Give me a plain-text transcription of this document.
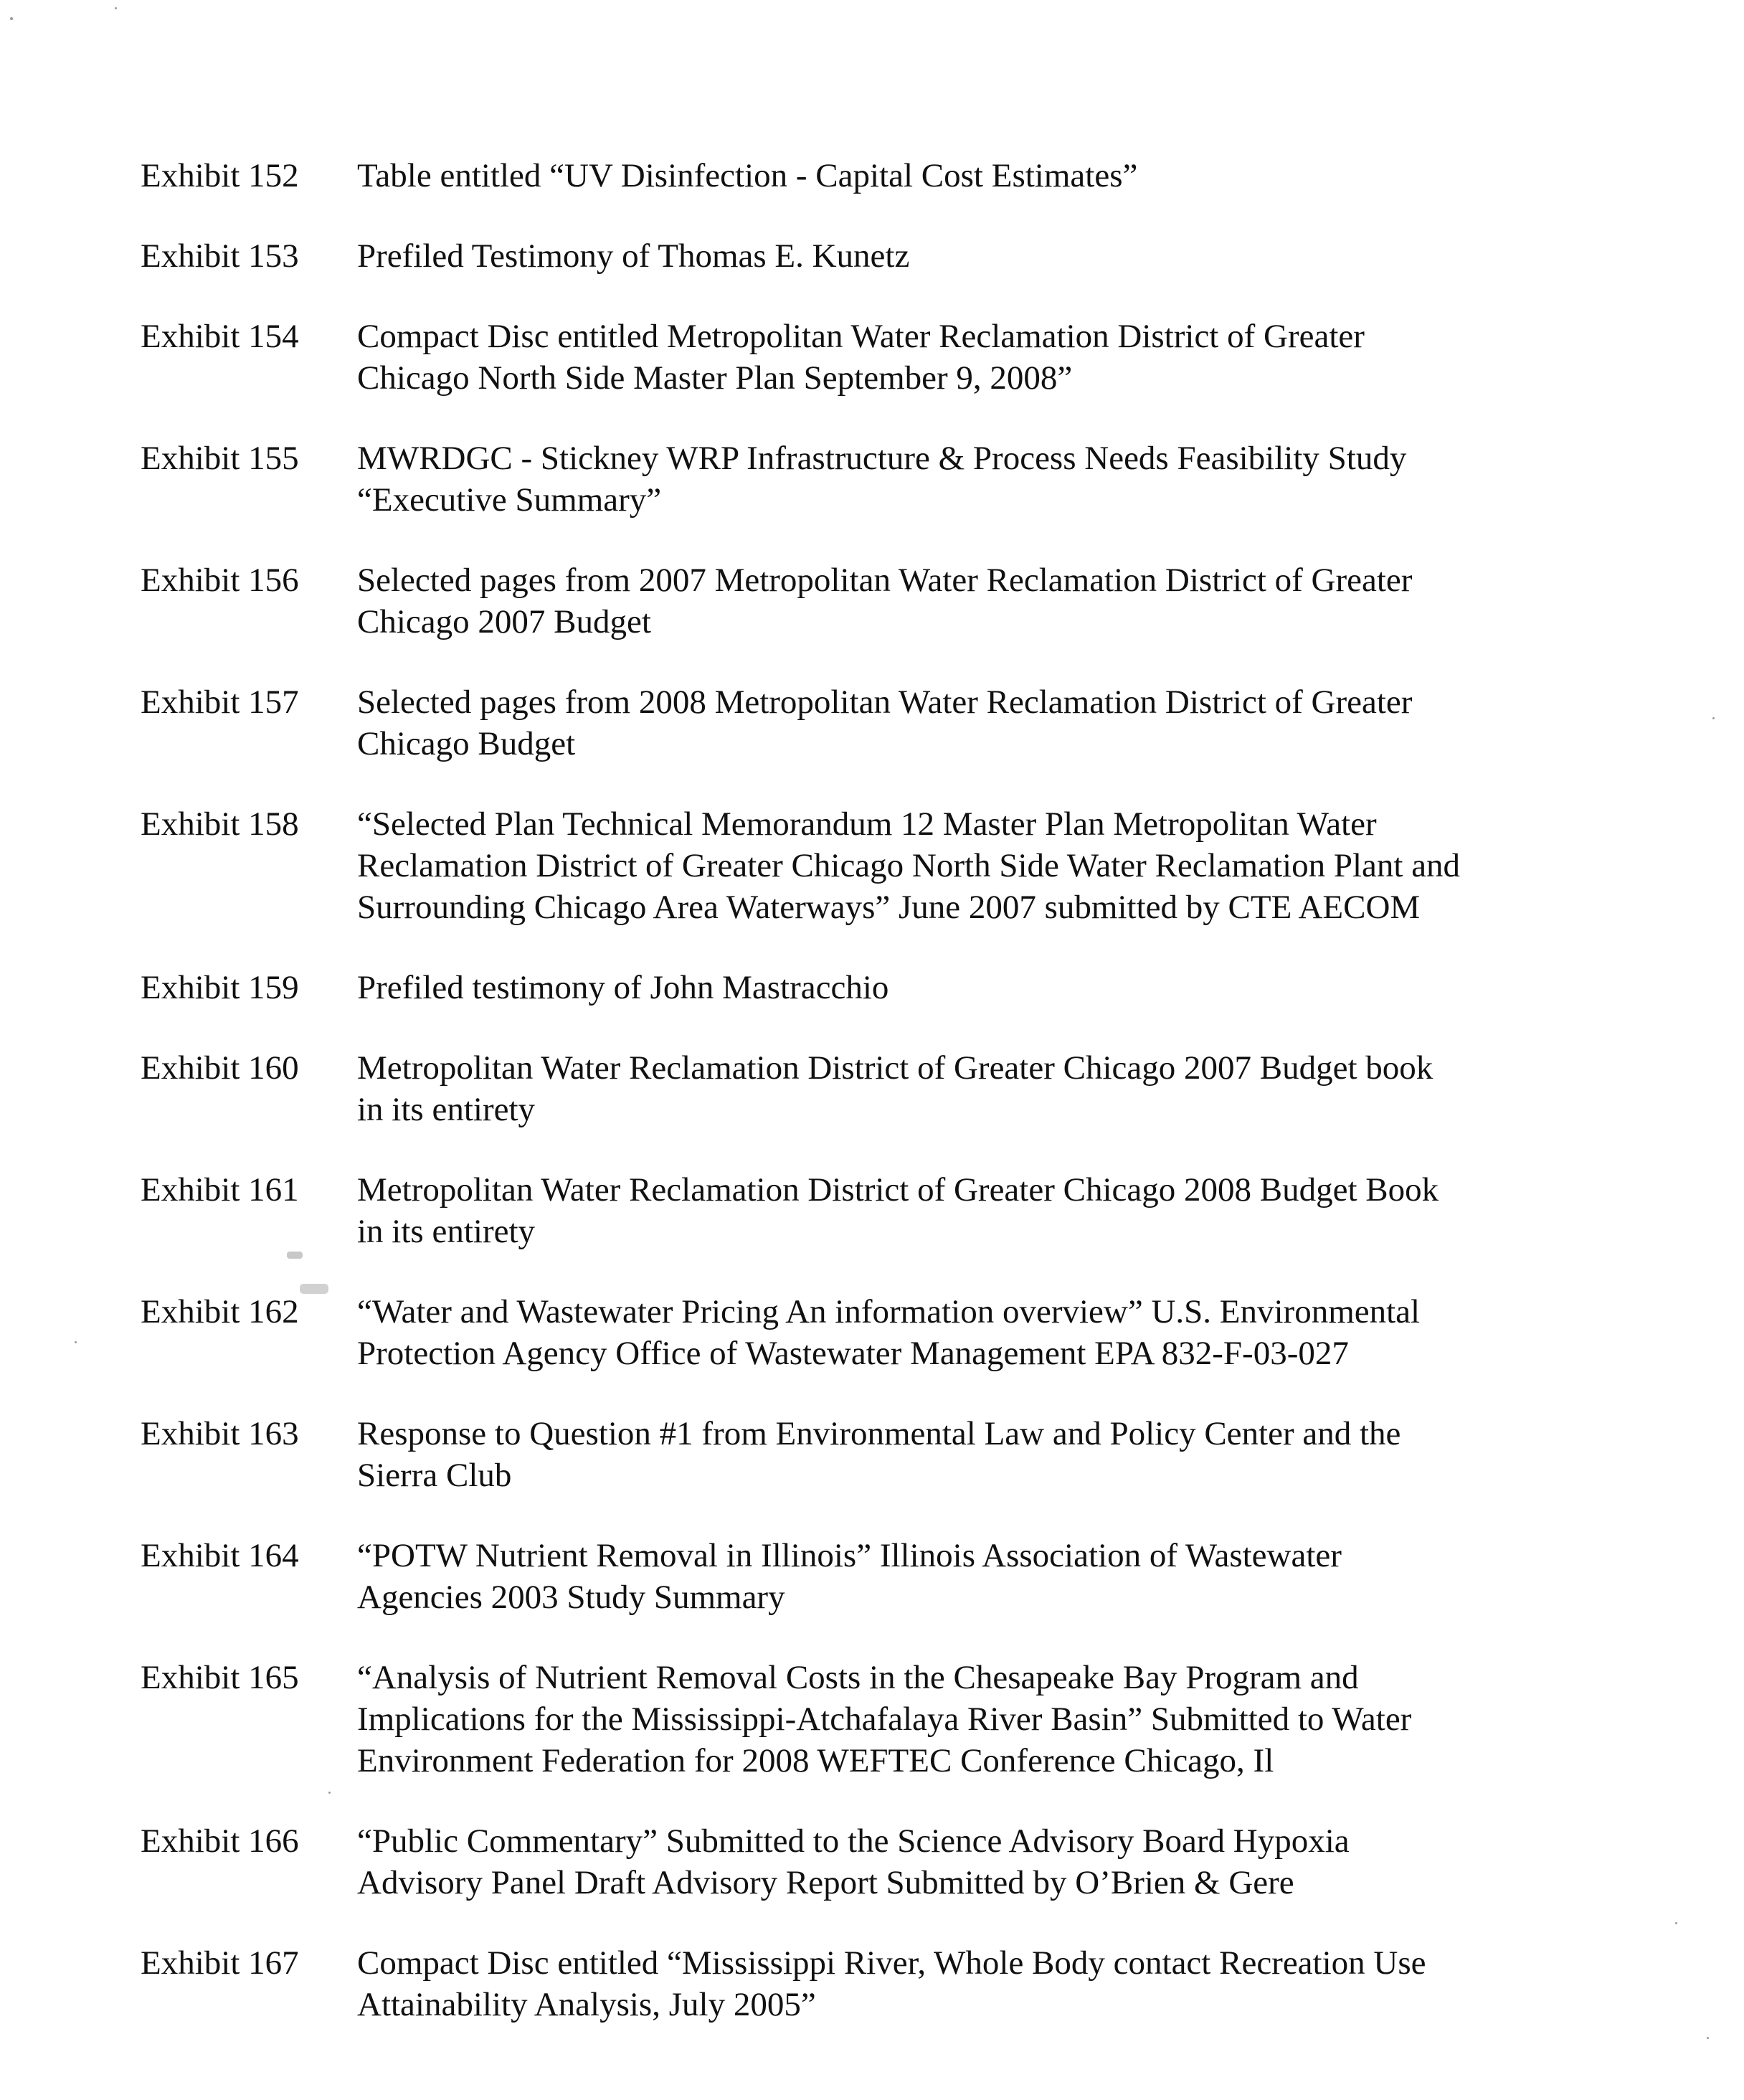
Exhibit 152	Table entitled “UV Disinfection - Capital Cost Estimates”
Exhibit 153	Prefiled Testimony of Thomas E. Kunetz
Exhibit 154	Compact Disc entitled Metropolitan Water Reclamation District of Greater
Chicago North Side Master Plan September 9, 2008”
Exhibit 155	MWRDGC - Stickney WRP Infrastructure & Process Needs Feasibility Study
“Executive Summary”
Exhibit 156	Selected pages from 2007 Metropolitan Water Reclamation District of Greater
Chicago 2007 Budget
Exhibit 157	Selected pages from 2008 Metropolitan Water Reclamation District of Greater
Chicago Budget
Exhibit 158	“Selected Plan Technical Memorandum 12 Master Plan Metropolitan Water
Reclamation District of Greater Chicago North Side Water Reclamation Plant and
Surrounding Chicago Area Waterways” June 2007 submitted by CTE AECOM
Exhibit 159	Prefiled testimony of John Mastracchio
Exhibit 160	Metropolitan Water Reclamation District of Greater Chicago 2007 Budget book
in its entirety
Exhibit 161	Metropolitan Water Reclamation District of Greater Chicago 2008 Budget Book
in its entirety
Exhibit 162	“Water and Wastewater Pricing An information overview” U.S. Environmental
Protection Agency Office of Wastewater Management EPA 832-F-03-027
Exhibit 163	Response to Question #1 from Environmental Law and Policy Center and the
Sierra Club
Exhibit 164	“POTW Nutrient Removal in Illinois” Illinois Association of Wastewater
Agencies 2003 Study Summary
Exhibit 165	“Analysis of Nutrient Removal Costs in the Chesapeake Bay Program and
Implications for the Mississippi-Atchafalaya River Basin” Submitted to Water
Environment Federation for 2008 WEFTEC Conference Chicago, Il
Exhibit 166	“Public Commentary” Submitted to the Science Advisory Board Hypoxia
Advisory Panel Draft Advisory Report Submitted by O’Brien & Gere
Exhibit 167	Compact Disc entitled “Mississippi River, Whole Body contact Recreation Use
Attainability Analysis, July 2005”
